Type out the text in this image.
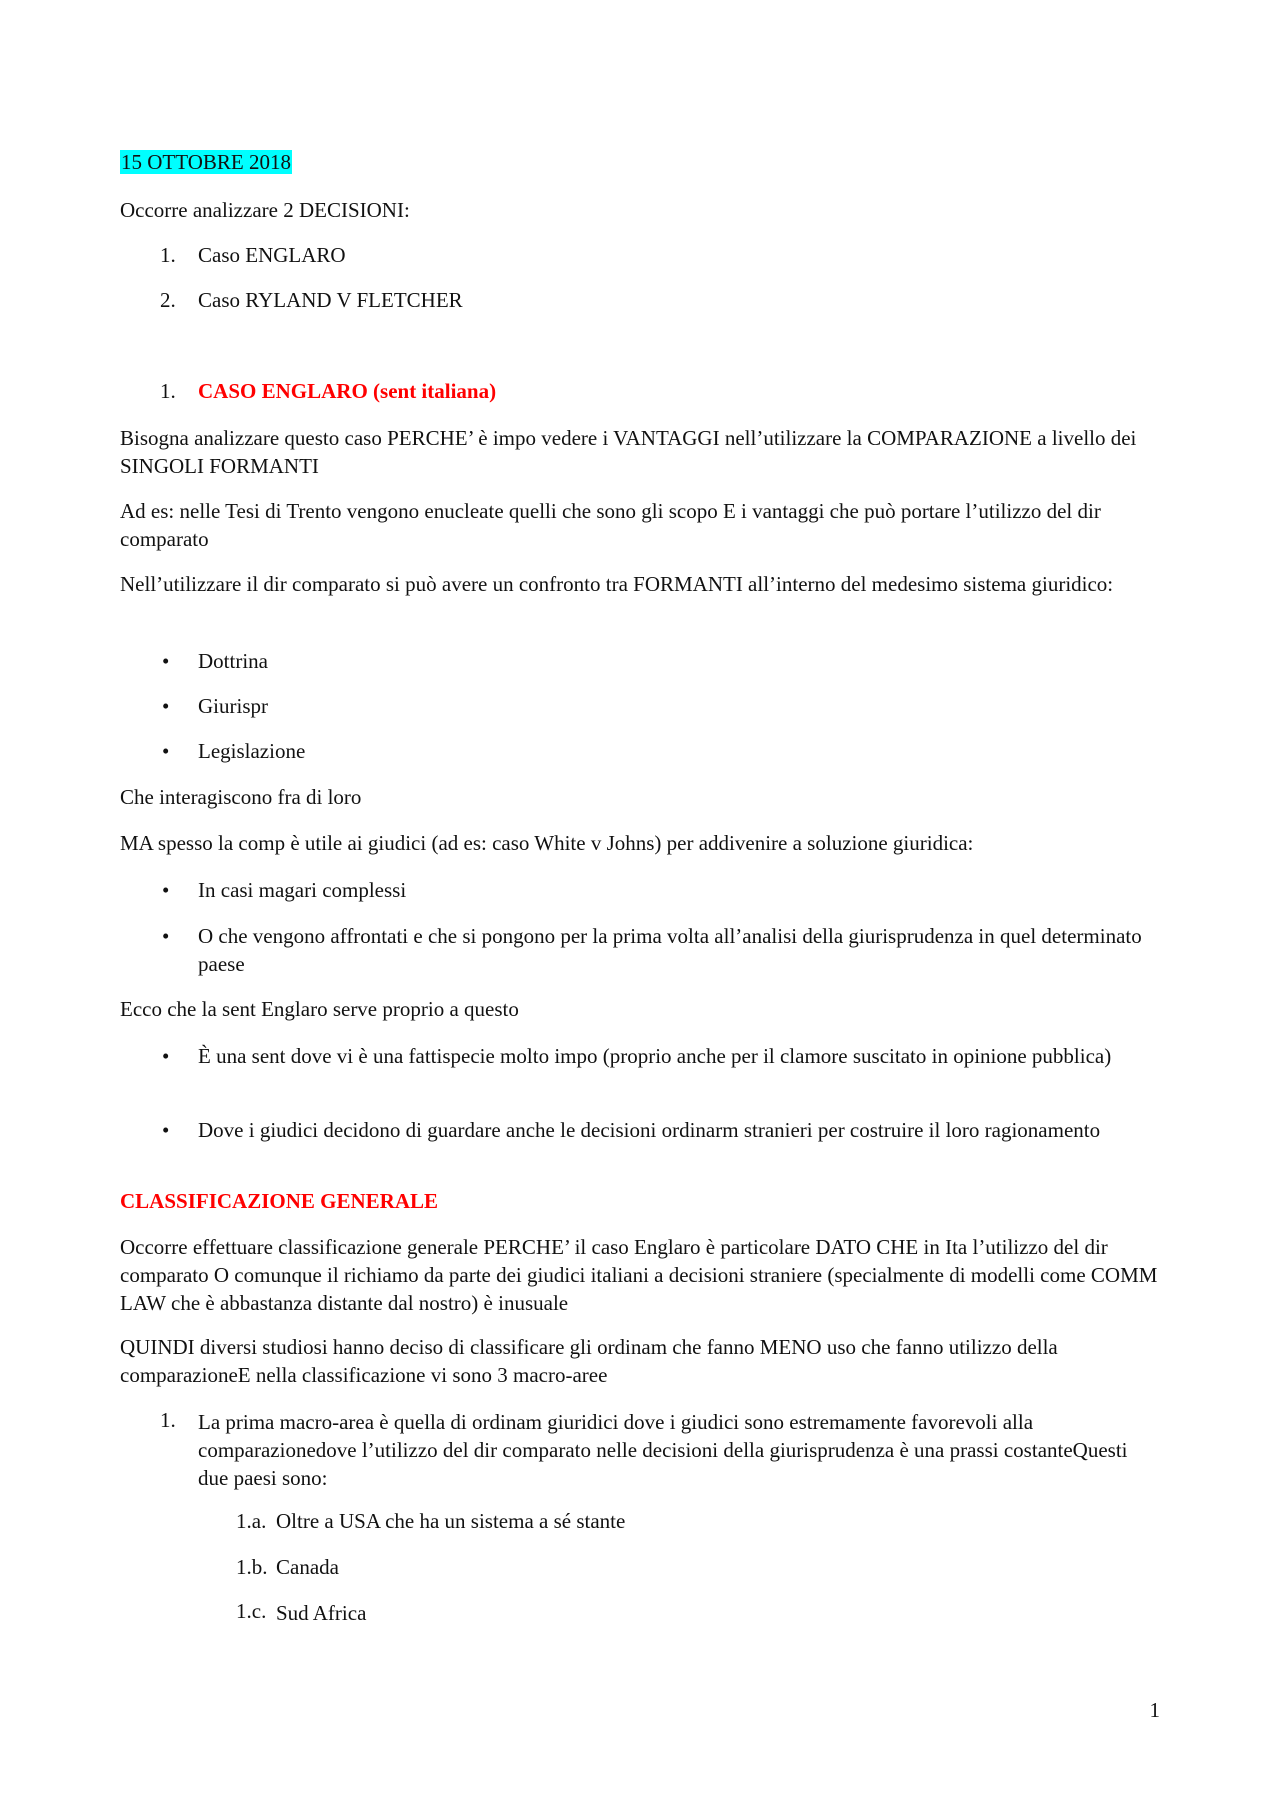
15 OTTOBRE 2018

Occorre analizzare 2 DECISIONI:

1. Caso ENGLARO
2. Caso RYLAND V FLETCHER
1. CASO ENGLARO (sent italiana)

Bisogna analizzare questo caso PERCHE’ è impo vedere i VANTAGGI nell’utilizzare la COMPARAZIONE a livello dei SINGOLI FORMANTI

Ad es: nelle Tesi di Trento vengono enucleate quelli che sono gli scopo E i vantaggi che può portare l’utilizzo del dir comparato

Nell’utilizzare il dir comparato si può avere un confronto tra FORMANTI all’interno del medesimo sistema giuridico:

• Dottrina
• Giurispr
• Legislazione

Che interagiscono fra di loro

MA spesso la comp è utile ai giudici (ad es: caso White v Johns) per addivenire a soluzione giuridica:

• In casi magari complessi
• O che vengono affrontati e che si pongono per la prima volta all’analisi della giurisprudenza in quel determinato paese

Ecco che la sent Englaro serve proprio a questo

• È una sent dove vi è una fattispecie molto impo (proprio anche per il clamore suscitato in opinione pubblica)
• Dove i giudici decidono di guardare anche le decisioni ordinarm stranieri per costruire il loro ragionamento

CLASSIFICAZIONE GENERALE

Occorre effettuare classificazione generale PERCHE’ il caso Englaro è particolare DATO CHE in Ita l’utilizzo del dir comparato O comunque il richiamo da parte dei giudici italiani a decisioni straniere (specialmente di modelli come COMM LAW che è abbastanza distante dal nostro) è inusuale

QUINDI diversi studiosi hanno deciso di classificare gli ordinam che fanno MENO uso che fanno utilizzo della comparazioneE nella classificazione vi sono 3 macro-aree

1. La prima macro-area è quella di ordinam giuridici dove i giudici sono estremamente favorevoli alla comparazionedove l’utilizzo del dir comparato nelle decisioni della giurisprudenza è una prassi costanteQuesti due paesi sono:
1.a. Oltre a USA che ha un sistema a sé stante
1.b. Canada
1.c. Sud Africa
1
